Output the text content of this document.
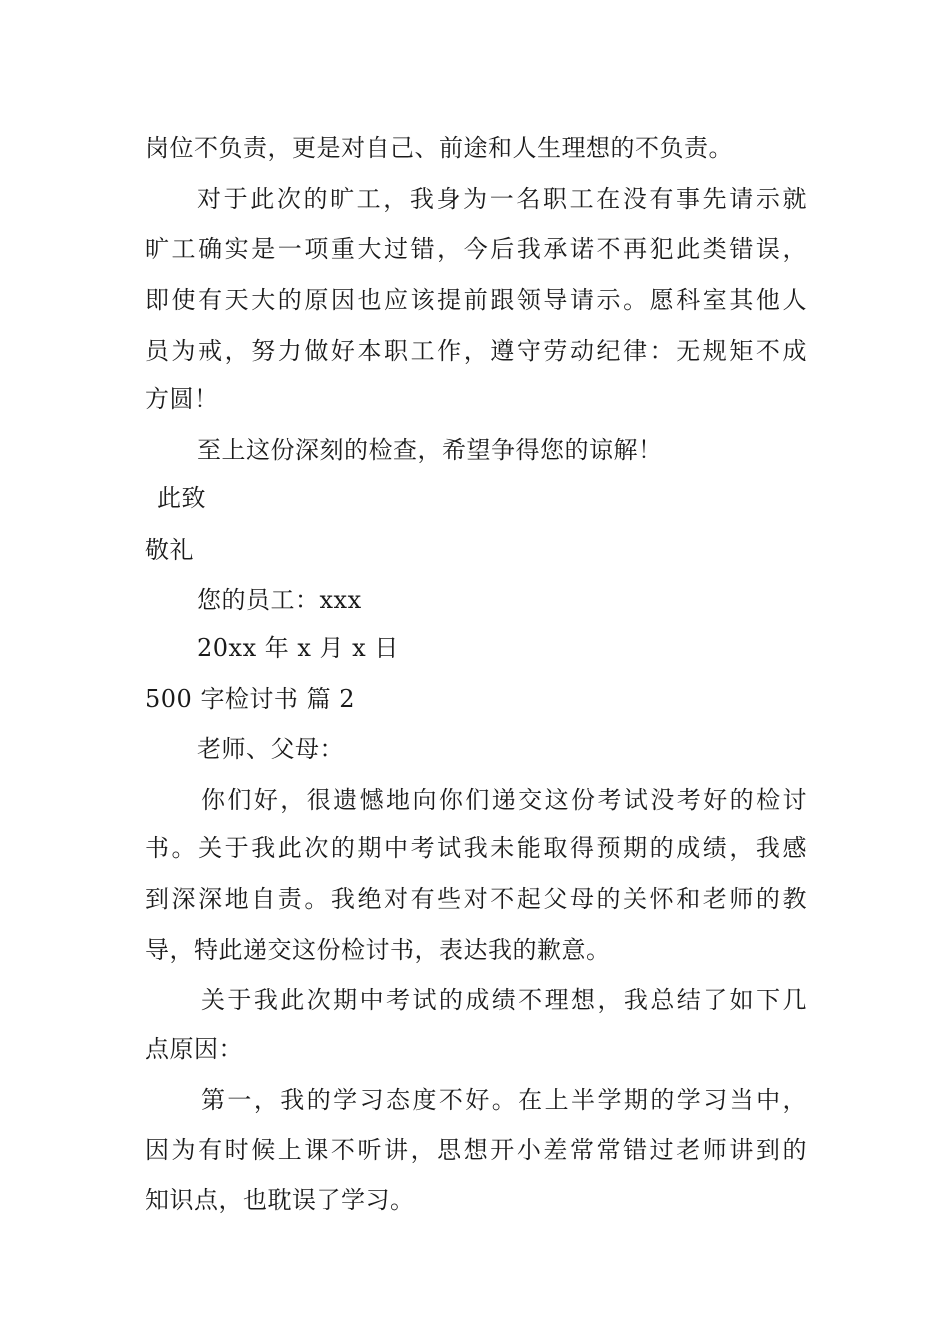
岗位不负责，更是对自己、前途和人生理想的不负责。
对于此次的旷工，我身为一名职工在没有事先请示就
旷工确实是一项重大过错，今后我承诺不再犯此类错误，
即使有天大的原因也应该提前跟领导请示。愿科室其他人
员为戒，努力做好本职工作，遵守劳动纪律：无规矩不成
方圆！
至上这份深刻的检查，希望争得您的谅解！
此致
敬礼
您的员工：xxx
20xx 年 x 月 x 日
500 字检讨书 篇 2
老师、父母：
你们好，很遗憾地向你们递交这份考试没考好的检讨
书。关于我此次的期中考试我未能取得预期的成绩，我感
到深深地自责。我绝对有些对不起父母的关怀和老师的教
导，特此递交这份检讨书，表达我的歉意。
关于我此次期中考试的成绩不理想，我总结了如下几
点原因：
第一，我的学习态度不好。在上半学期的学习当中，
因为有时候上课不听讲，思想开小差常常错过老师讲到的
知识点，也耽误了学习。
